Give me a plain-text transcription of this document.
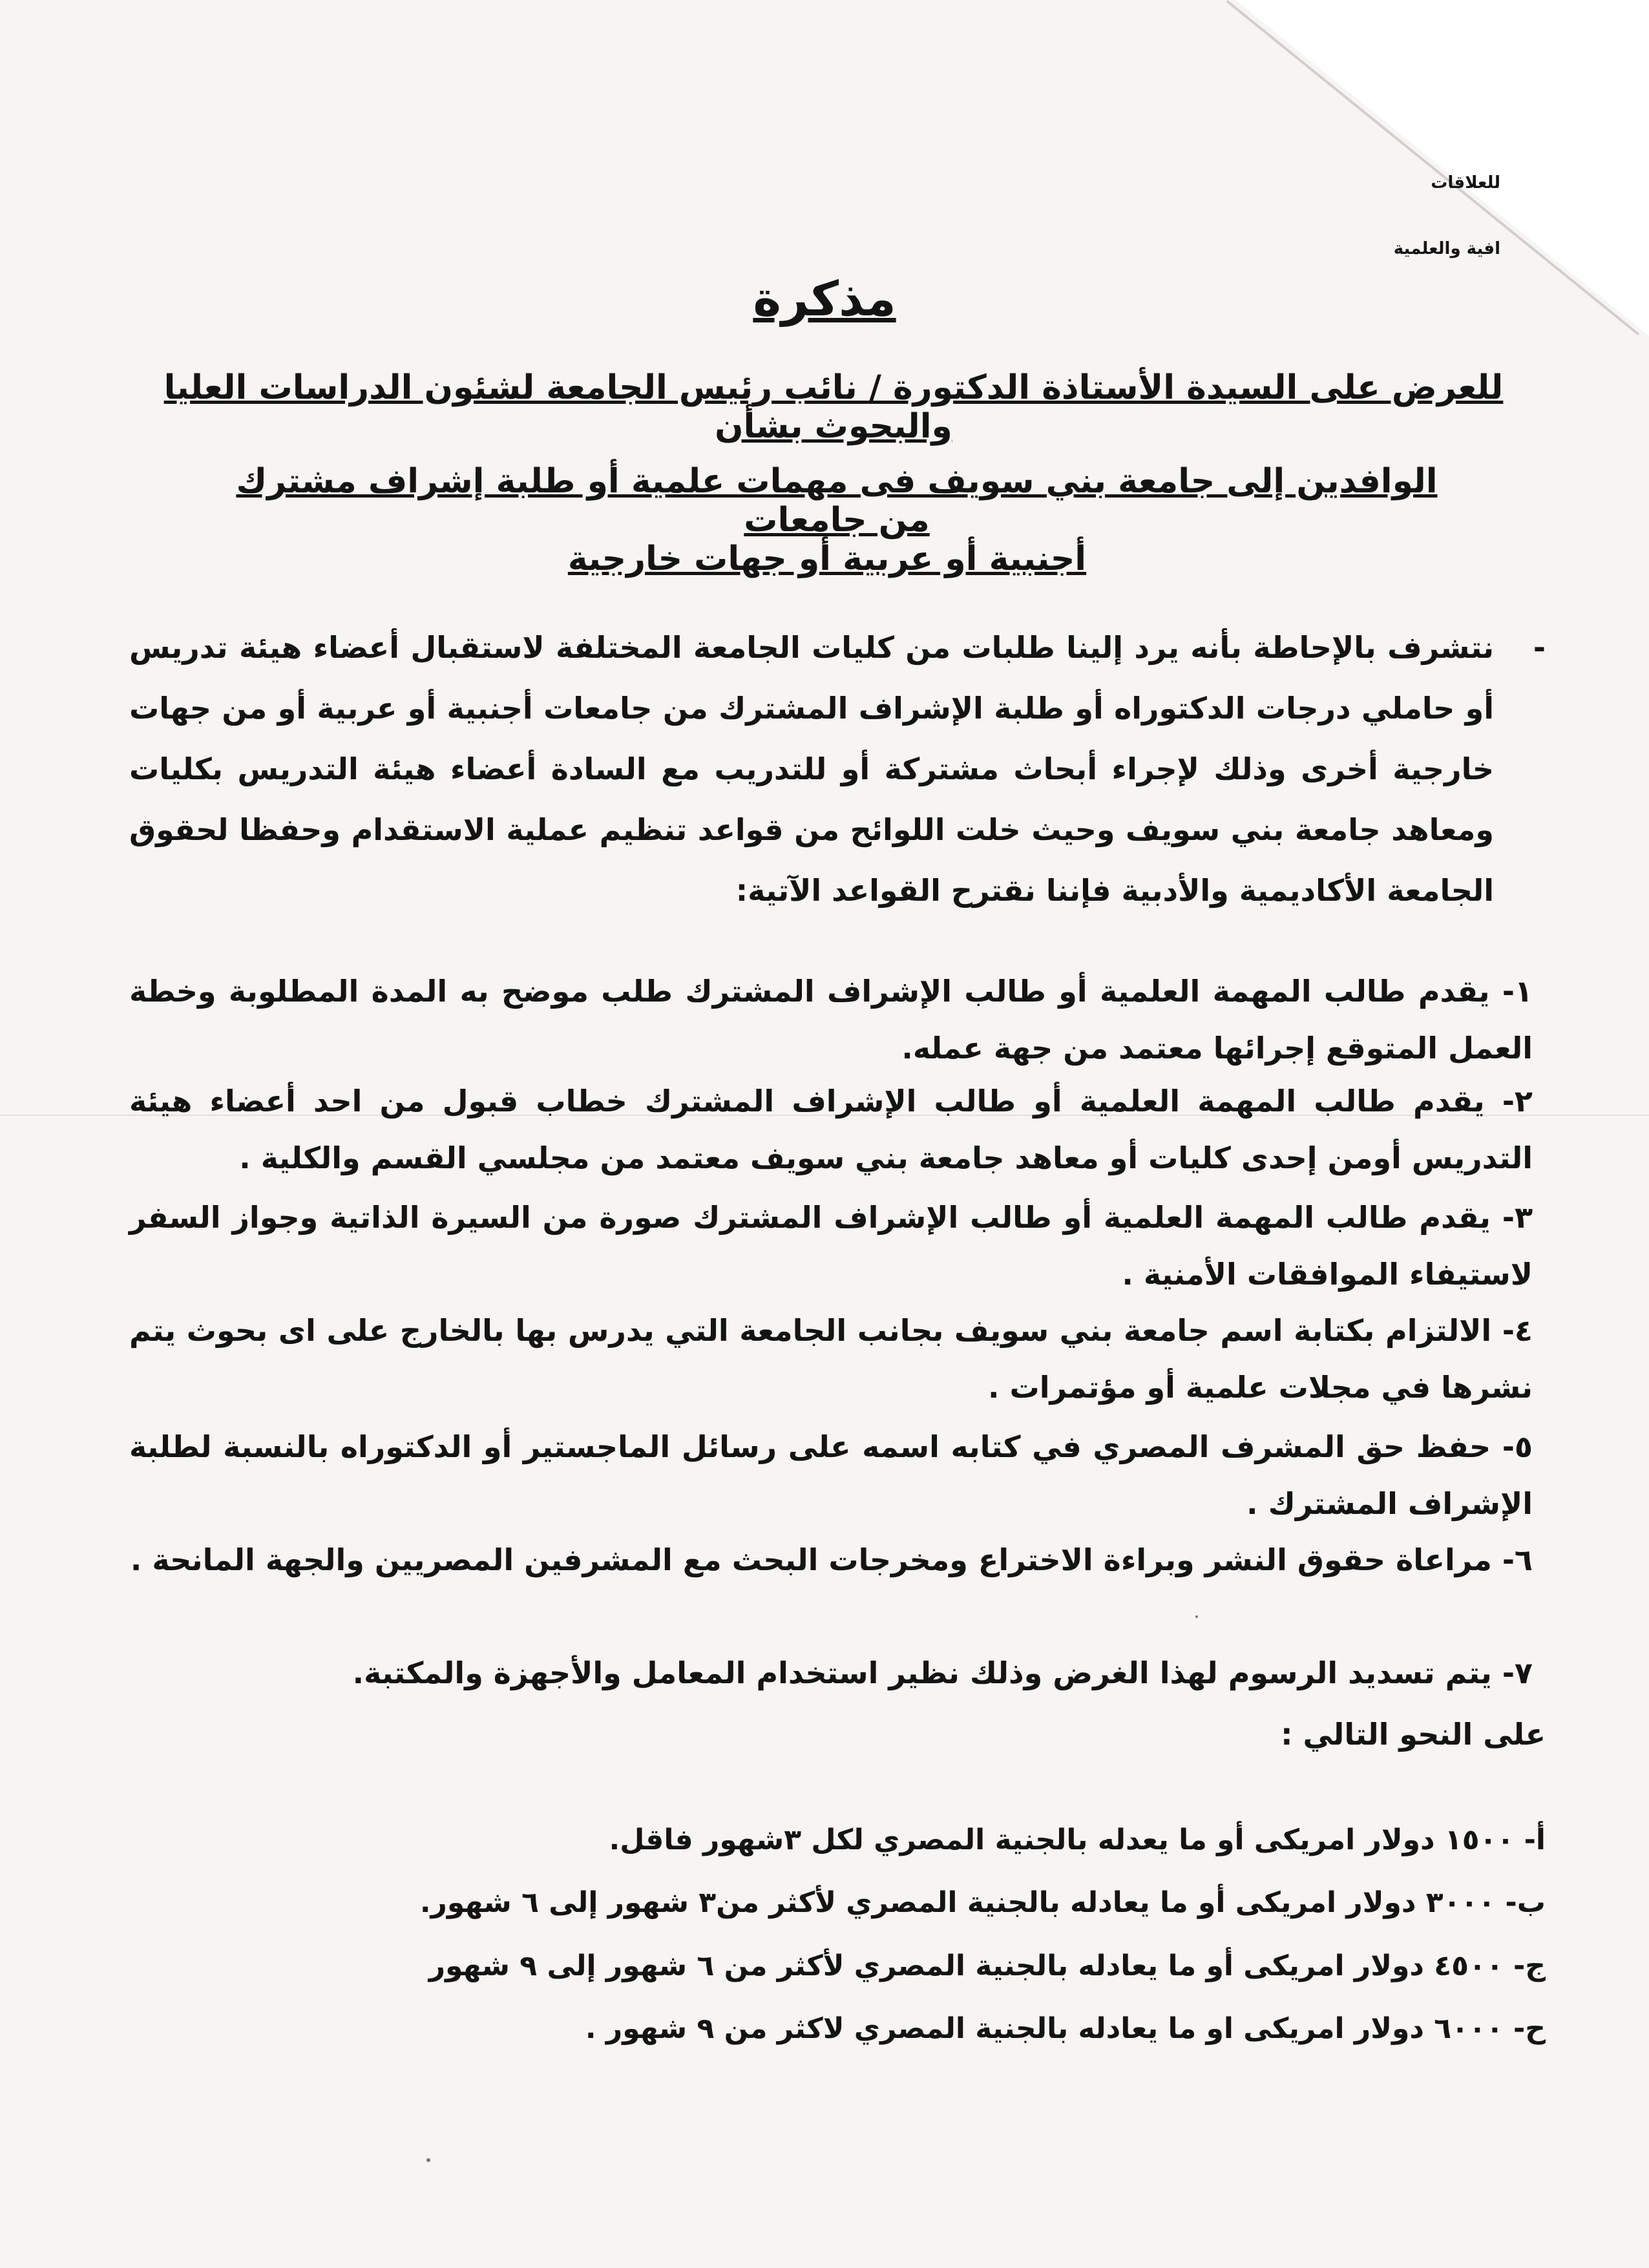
للعلاقات
افية والعلمية
مذكرة
للعرض على السيدة الأستاذة الدكتورة / نائب رئيس الجامعة لشئون الدراسات العليا والبحوث بشأن
الوافدين إلى جامعة بني سويف فى مهمات علمية أو طلبة إشراف مشترك من جامعات
أجنبية أو عربية أو جهات خارجية
-
نتشرف بالإحاطة بأنه يرد إلينا طلبات من كليات الجامعة المختلفة لاستقبال أعضاء هيئة تدريس أو حاملي درجات الدكتوراه أو طلبة الإشراف المشترك من جامعات أجنبية أو عربية أو من جهات خارجية أخرى وذلك لإجراء أبحاث مشتركة أو للتدريب مع السادة أعضاء هيئة التدريس بكليات ومعاهد جامعة بني سويف وحيث خلت اللوائح من قواعد تنظيم عملية الاستقدام وحفظا لحقوق الجامعة الأكاديمية والأدبية فإننا نقترح القواعد الآتية:
١- يقدم طالب المهمة العلمية أو طالب الإشراف المشترك طلب موضح به المدة المطلوبة وخطة العمل المتوقع إجرائها معتمد من جهة عمله.
٢- يقدم طالب المهمة العلمية أو طالب الإشراف المشترك خطاب قبول من احد أعضاء هيئة التدريس أومن إحدى كليات أو معاهد جامعة بني سويف معتمد من مجلسي القسم والكلية .
٣- يقدم طالب المهمة العلمية أو طالب الإشراف المشترك صورة من السيرة الذاتية وجواز السفر لاستيفاء الموافقات الأمنية .
٤- الالتزام بكتابة اسم جامعة بني سويف بجانب الجامعة التي يدرس بها بالخارج على اى بحوث يتم نشرها في مجلات علمية أو مؤتمرات .
٥- حفظ حق المشرف المصري في كتابه اسمه على رسائل الماجستير أو الدكتوراه بالنسبة لطلبة الإشراف المشترك .
٦- مراعاة حقوق النشر وبراءة الاختراع ومخرجات البحث مع المشرفين المصريين والجهة المانحة .
٧- يتم تسديد الرسوم لهذا الغرض وذلك نظير استخدام المعامل والأجهزة والمكتبة.
على النحو التالي :
أ- ١٥٠٠ دولار امريكى أو ما يعدله بالجنية المصري لكل ٣شهور فاقل.
ب- ٣٠٠٠ دولار امريكى أو ما يعادله بالجنية المصري لأكثر من٣ شهور إلى ٦ شهور.
ج- ٤٥٠٠ دولار امريكى أو ما يعادله بالجنية المصري لأكثر من ٦ شهور إلى ٩ شهور
ح- ٦٠٠٠ دولار امريكى او ما يعادله بالجنية المصري لاكثر من ٩ شهور .
